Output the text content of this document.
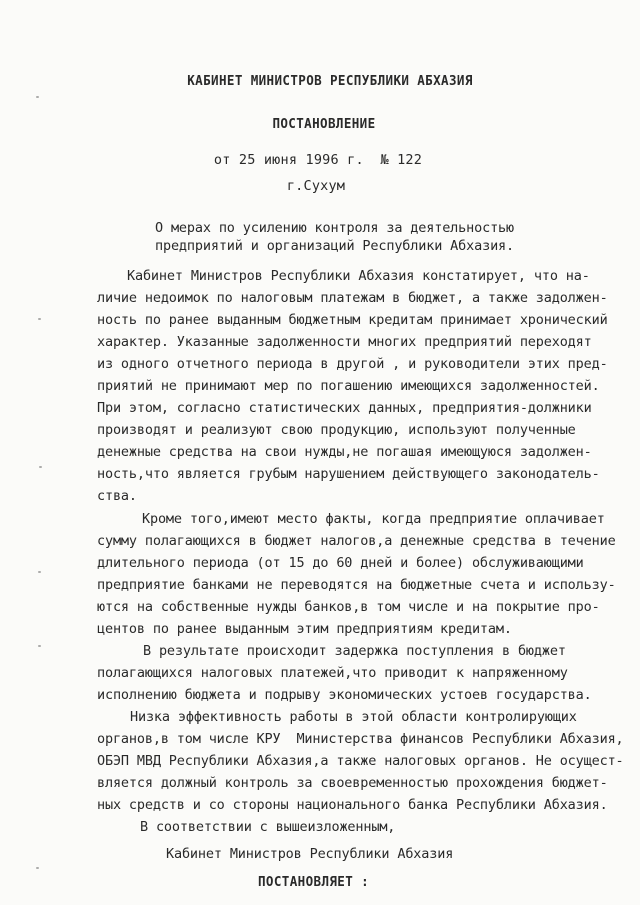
КАБИНЕТ МИНИСТРОВ РЕСПУБЛИКИ АБХАЗИЯ
ПОСТАНОВЛЕНИЕ
от 25 июня 1996 г.  № 122
г.Сухум
О мерах по усилению контроля за деятельностью
предприятий и организаций Республики Абхазия.
Кабинет Министров Республики Абхазия констатирует, что на-
личие недоимок по налоговым платежам в бюджет, а также задолжен-
ность по ранее выданным бюджетным кредитам принимает хронический
характер. Указанные задолженности многих предприятий переходят
из одного отчетного периода в другой , и руководители этих пред-
приятий не принимают мер по погашению имеющихся задолженностей.
При этом, согласно статистических данных, предприятия-должники
производят и реализуют свою продукцию, используют полученные
денежные средства на свои нужды,не погашая имеющуюся задолжен-
ность,что является грубым нарушением действующего законодатель-
ства.
Кроме того,имеют место факты, когда предприятие оплачивает
сумму полагающихся в бюджет налогов,а денежные средства в течение
длительного периода (от 15 до 60 дней и более) обслуживающими
предприятие банками не переводятся на бюджетные счета и использу-
ются на собственные нужды банков,в том числе и на покрытие про-
центов по ранее выданным этим предприятиям кредитам.
В результате происходит задержка поступления в бюджет
полагающихся налоговых платежей,что приводит к напряженному
исполнению бюджета и подрыву экономических устоев государства.
Низка эффективность работы в этой области контролирующих
органов,в том числе КРУ  Министерства финансов Республики Абхазия,
ОБЭП МВД Республики Абхазия,а также налоговых органов. Не осущест-
вляется должный контроль за своевременностью прохождения бюджет-
ных средств и со стороны национального банка Республики Абхазия.
В соответствии с вышеизложенным,
Кабинет Министров Республики Абхазия
ПОСТАНОВЛЯЕТ :
